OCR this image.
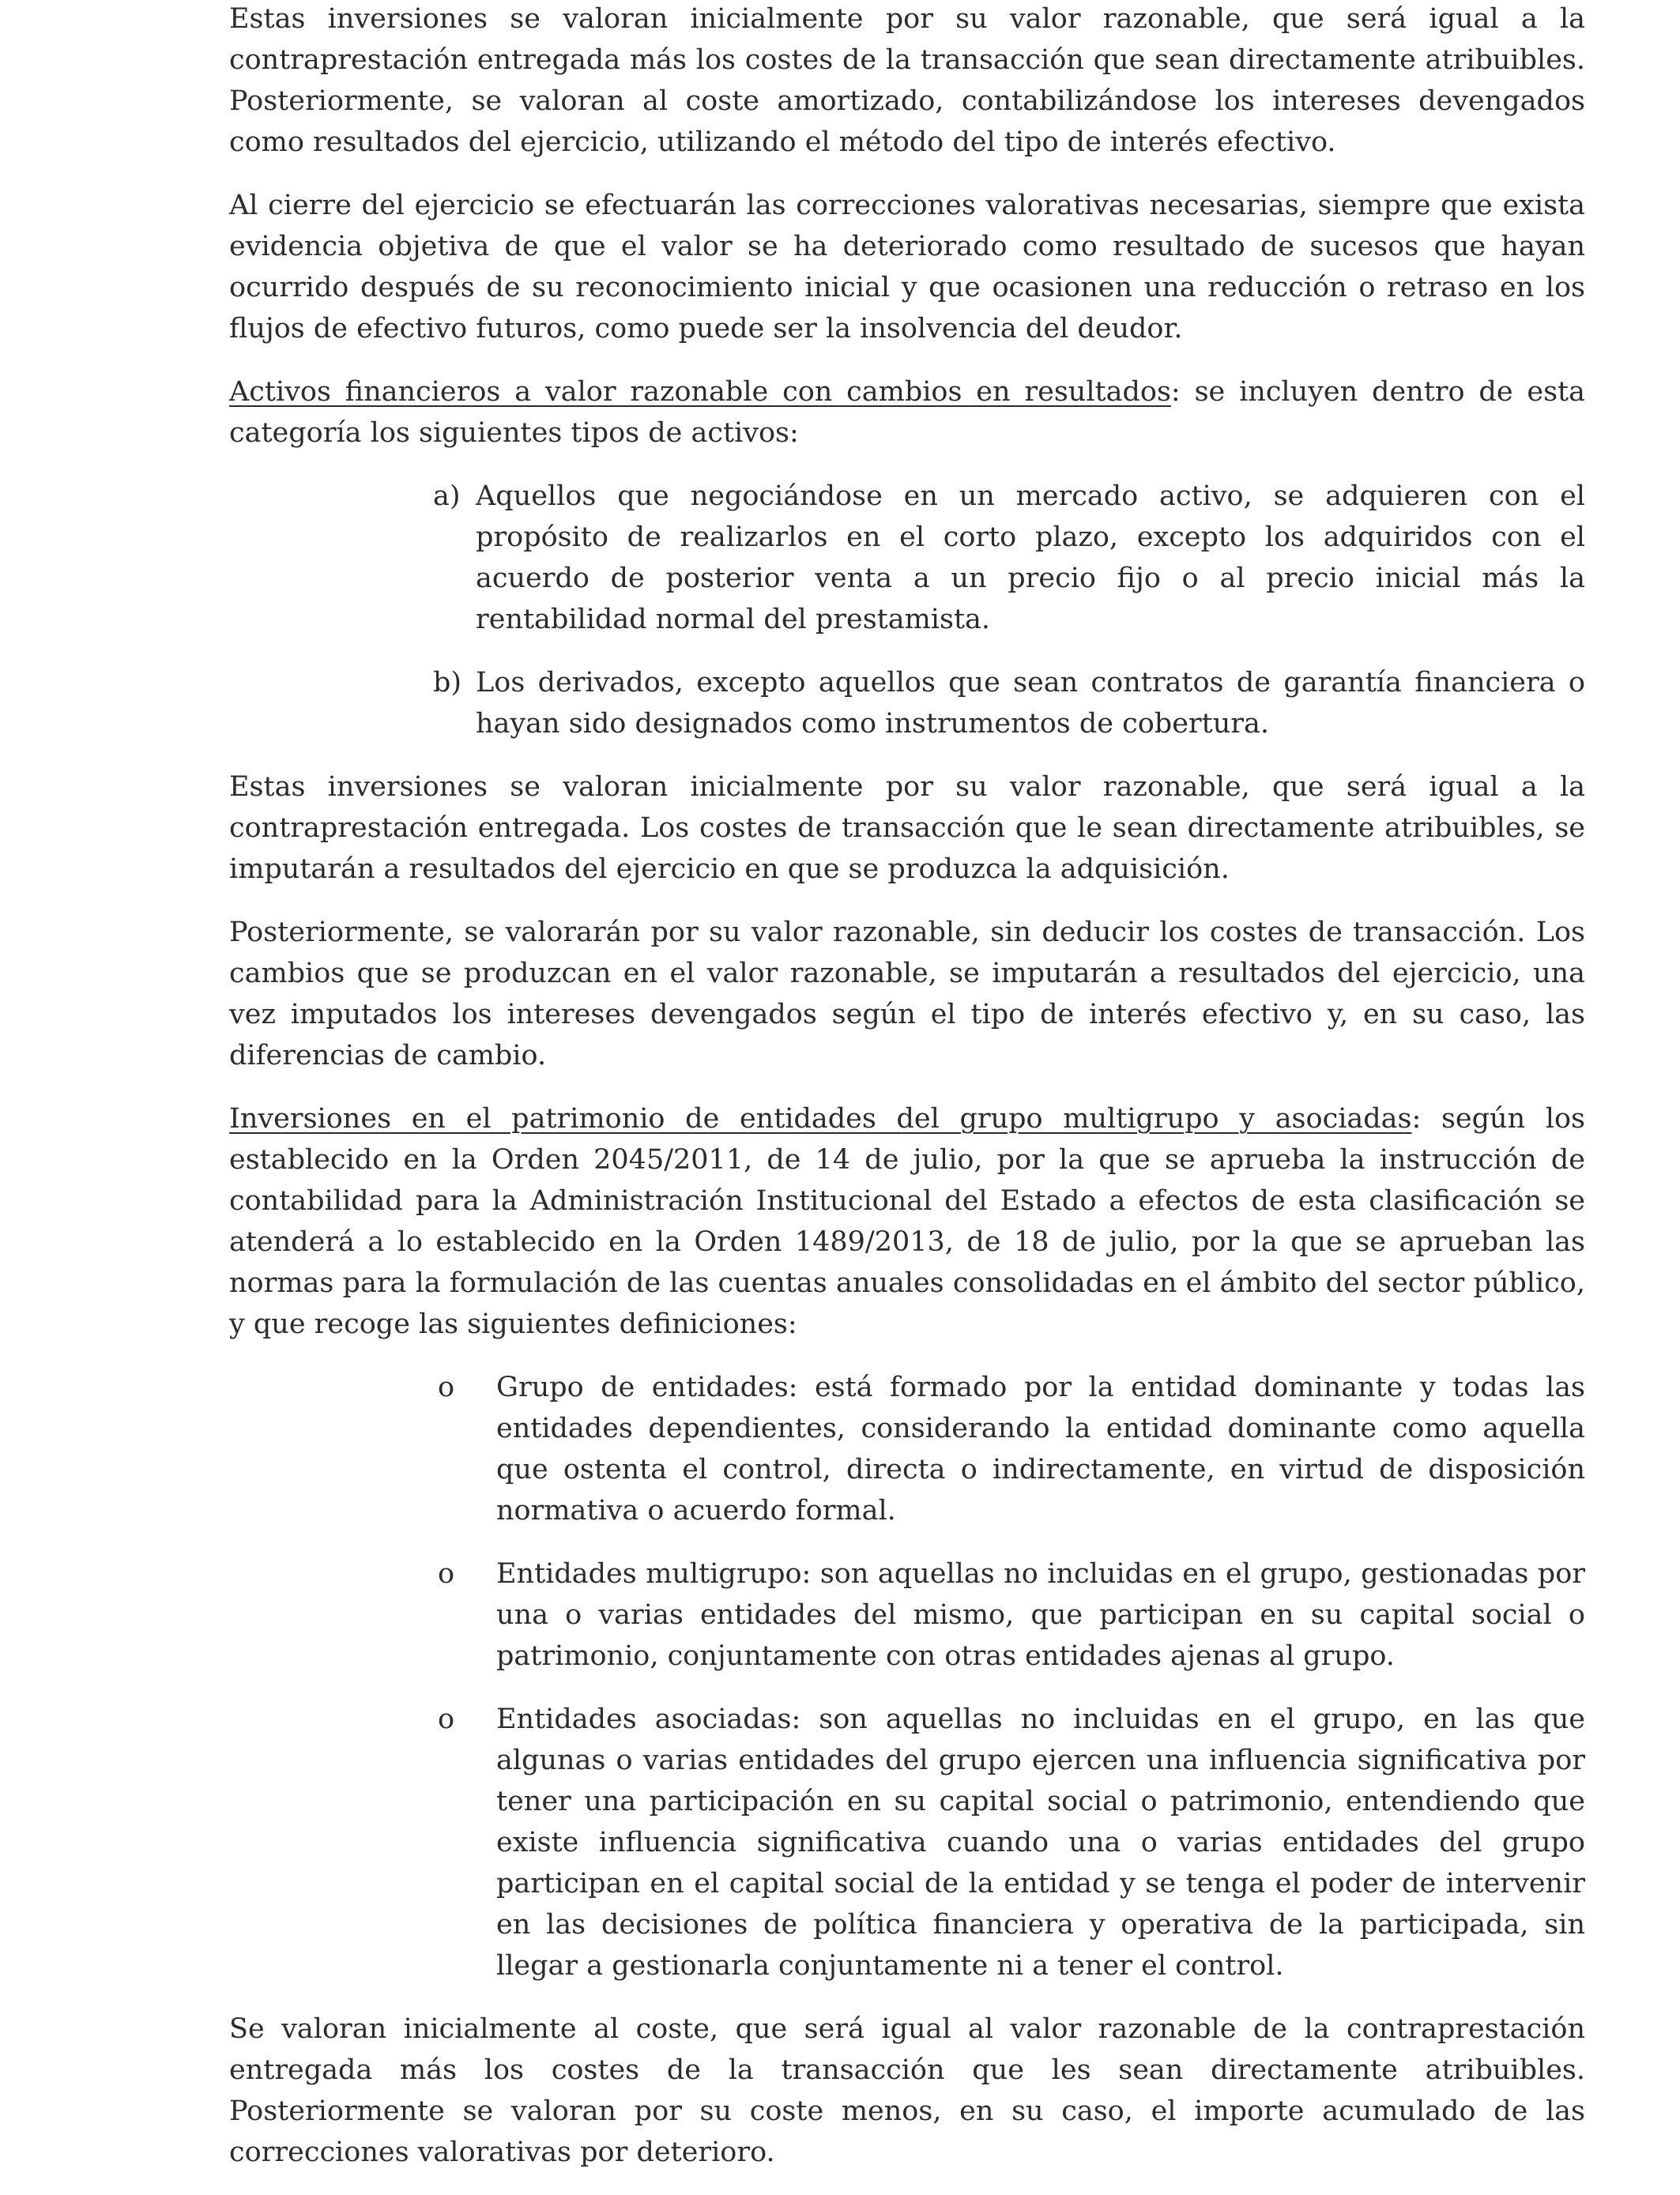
Estas inversiones se valoran inicialmente por su valor razonable, que será igual a la contraprestación entregada más los costes de la transacción que sean directamente atribuibles. Posteriormente, se valoran al coste amortizado, contabilizándose los intereses devengados como resultados del ejercicio, utilizando el método del tipo de interés efectivo.

Al cierre del ejercicio se efectuarán las correcciones valorativas necesarias, siempre que exista evidencia objetiva de que el valor se ha deteriorado como resultado de sucesos que hayan ocurrido después de su reconocimiento inicial y que ocasionen una reducción o retraso en los flujos de efectivo futuros, como puede ser la insolvencia del deudor.

Activos financieros a valor razonable con cambios en resultados: se incluyen dentro de esta categoría los siguientes tipos de activos:

a) Aquellos que negociándose en un mercado activo, se adquieren con el propósito de realizarlos en el corto plazo, excepto los adquiridos con el acuerdo de posterior venta a un precio fijo o al precio inicial más la rentabilidad normal del prestamista.
b) Los derivados, excepto aquellos que sean contratos de garantía financiera o hayan sido designados como instrumentos de cobertura.

Estas inversiones se valoran inicialmente por su valor razonable, que será igual a la contraprestación entregada. Los costes de transacción que le sean directamente atribuibles, se imputarán a resultados del ejercicio en que se produzca la adquisición.

Posteriormente, se valorarán por su valor razonable, sin deducir los costes de transacción. Los cambios que se produzcan en el valor razonable, se imputarán a resultados del ejercicio, una vez imputados los intereses devengados según el tipo de interés efectivo y, en su caso, las diferencias de cambio.

Inversiones en el patrimonio de entidades del grupo multigrupo y asociadas: según los establecido en la Orden 2045/2011, de 14 de julio, por la que se aprueba la instrucción de contabilidad para la Administración Institucional del Estado a efectos de esta clasificación se atenderá a lo establecido en la Orden 1489/2013, de 18 de julio, por la que se aprueban las normas para la formulación de las cuentas anuales consolidadas en el ámbito del sector público, y que recoge las siguientes definiciones:

o Grupo de entidades: está formado por la entidad dominante y todas las entidades dependientes, considerando la entidad dominante como aquella que ostenta el control, directa o indirectamente, en virtud de disposición normativa o acuerdo formal.
o Entidades multigrupo: son aquellas no incluidas en el grupo, gestionadas por una o varias entidades del mismo, que participan en su capital social o patrimonio, conjuntamente con otras entidades ajenas al grupo.
o Entidades asociadas: son aquellas no incluidas en el grupo, en las que algunas o varias entidades del grupo ejercen una influencia significativa por tener una participación en su capital social o patrimonio, entendiendo que existe influencia significativa cuando una o varias entidades del grupo participan en el capital social de la entidad y se tenga el poder de intervenir en las decisiones de política financiera y operativa de la participada, sin llegar a gestionarla conjuntamente ni a tener el control.

Se valoran inicialmente al coste, que será igual al valor razonable de la contraprestación entregada más los costes de la transacción que les sean directamente atribuibles. Posteriormente se valoran por su coste menos, en su caso, el importe acumulado de las correcciones valorativas por deterioro.
